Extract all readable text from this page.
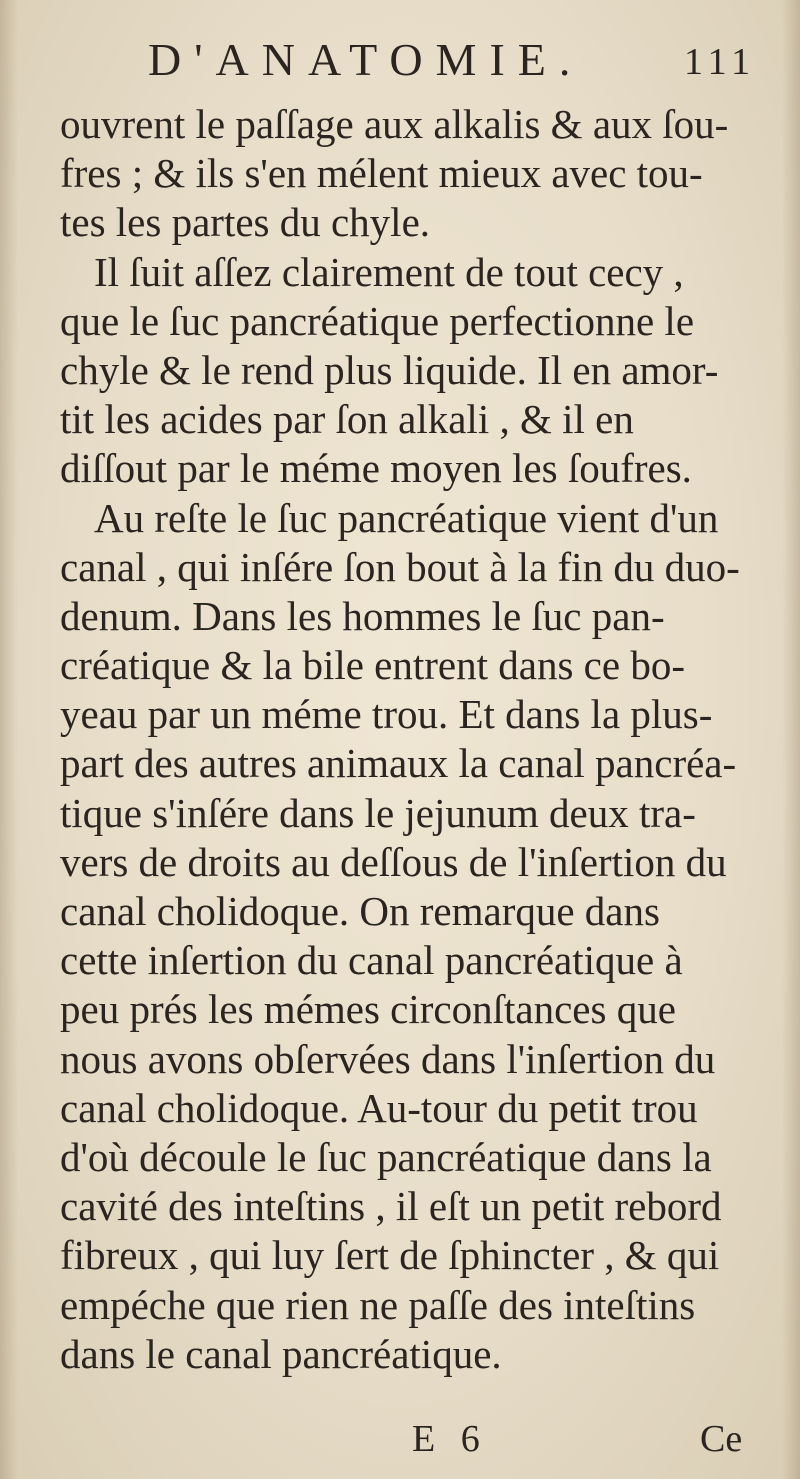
D'ANATOMIE.	111
ouvrent le paſſage aux alkalis & aux ſou-
fres ; & ils s'en mélent mieux avec tou-
tes les partes du chyle.
Il ſuit aſſez clairement de tout cecy ,
que le ſuc pancréatique perfectionne le
chyle & le rend plus liquide. Il en amor-
tit les acides par ſon alkali , & il en
diſſout par le méme moyen les ſoufres.
Au reſte le ſuc pancréatique vient d'un
canal , qui inſére ſon bout à la fin du duo-
denum. Dans les hommes le ſuc pan-
créatique & la bile entrent dans ce bo-
yeau par un méme trou. Et dans la plus-
part des autres animaux la canal pancréa-
tique s'inſére dans le jejunum deux tra-
vers de droits au deſſous de l'inſertion du
canal cholidoque. On remarque dans
cette inſertion du canal pancréatique à
peu prés les mémes circonſtances que
nous avons obſervées dans l'inſertion du
canal cholidoque. Au-tour du petit trou
d'où découle le ſuc pancréatique dans la
cavité des inteſtins , il eſt un petit rebord
fibreux , qui luy ſert de ſphincter , & qui
empéche que rien ne paſſe des inteſtins
dans le canal pancréatique.
E 6	Ce
